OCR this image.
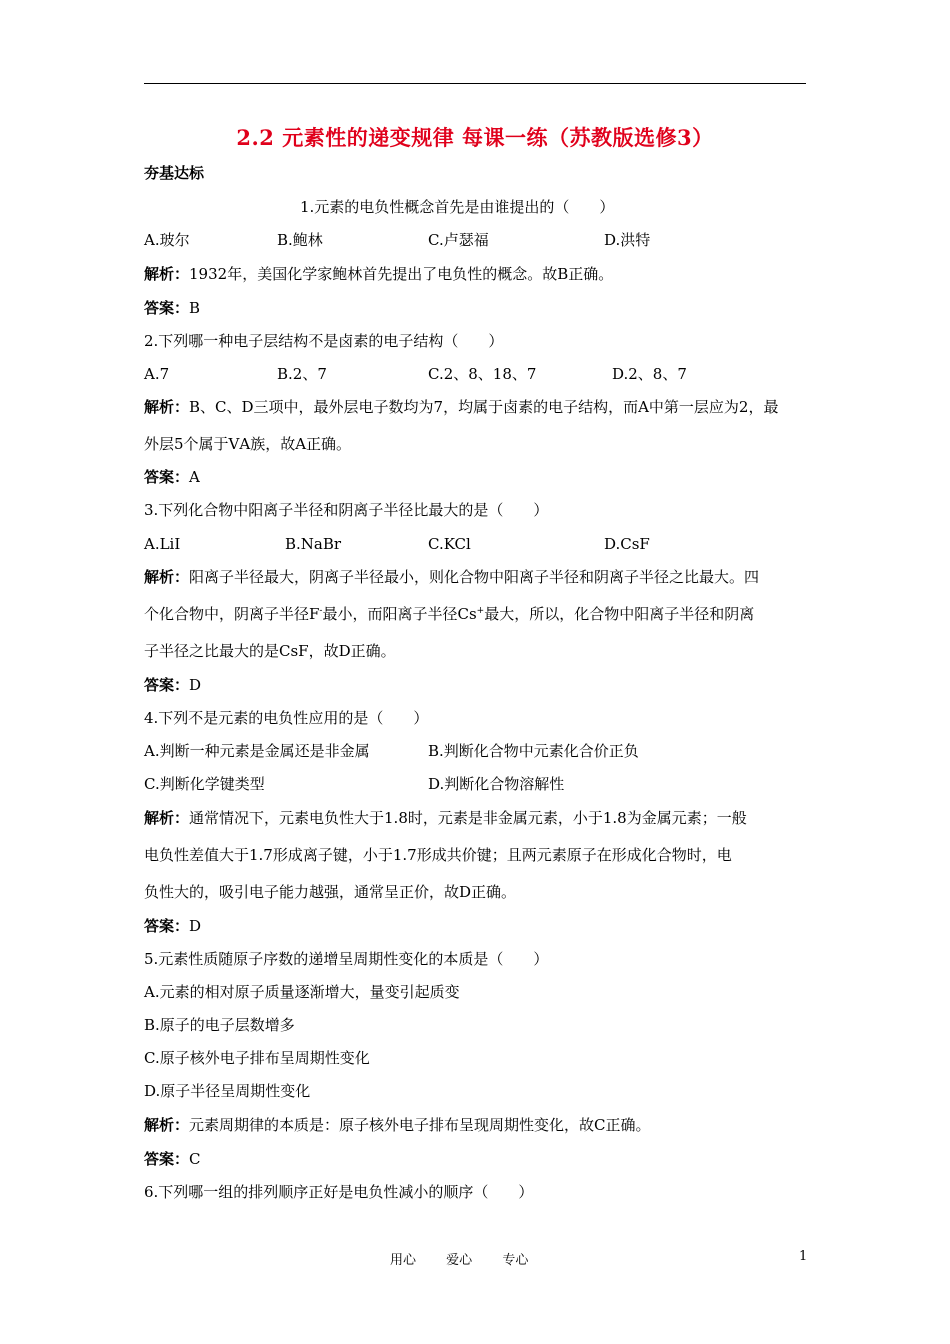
2.2 元素性的递变规律 每课一练（苏教版选修3）
夯基达标
1.元素的电负性概念首先是由谁提出的（　　）
A.玻尔	B.鲍林	C.卢瑟福	D.洪特
解析：1932年，美国化学家鲍林首先提出了电负性的概念。故B正确。
答案：B
2.下列哪一种电子层结构不是卤素的电子结构（　　）
A.7	B.2、7	C.2、8、18、7	D.2、8、7
解析：B、C、D三项中，最外层电子数均为7，均属于卤素的电子结构，而A中第一层应为2，最
外层5个属于ⅤA族，故A正确。
答案：A
3.下列化合物中阳离子半径和阴离子半径比最大的是（　　）
A.LiI	B.NaBr	C.KCl	D.CsF
解析：阳离子半径最大，阴离子半径最小，则化合物中阳离子半径和阴离子半径之比最大。四
个化合物中，阴离子半径F-最小，而阳离子半径Cs+最大，所以，化合物中阳离子半径和阴离
子半径之比最大的是CsF，故D正确。
答案：D
4.下列不是元素的电负性应用的是（　　）
A.判断一种元素是金属还是非金属	B.判断化合物中元素化合价正负
C.判断化学键类型	D.判断化合物溶解性
解析：通常情况下，元素电负性大于1.8时，元素是非金属元素，小于1.8为金属元素；一般
电负性差值大于1.7形成离子键，小于1.7形成共价键；且两元素原子在形成化合物时，电
负性大的，吸引电子能力越强，通常呈正价，故D正确。
答案：D
5.元素性质随原子序数的递增呈周期性变化的本质是（　　）
A.元素的相对原子质量逐渐增大，量变引起质变
B.原子的电子层数增多
C.原子核外电子排布呈周期性变化
D.原子半径呈周期性变化
解析：元素周期律的本质是：原子核外电子排布呈现周期性变化，故C正确。
答案：C
6.下列哪一组的排列顺序正好是电负性减小的顺序（　　）
用心 爱心 专心	1
